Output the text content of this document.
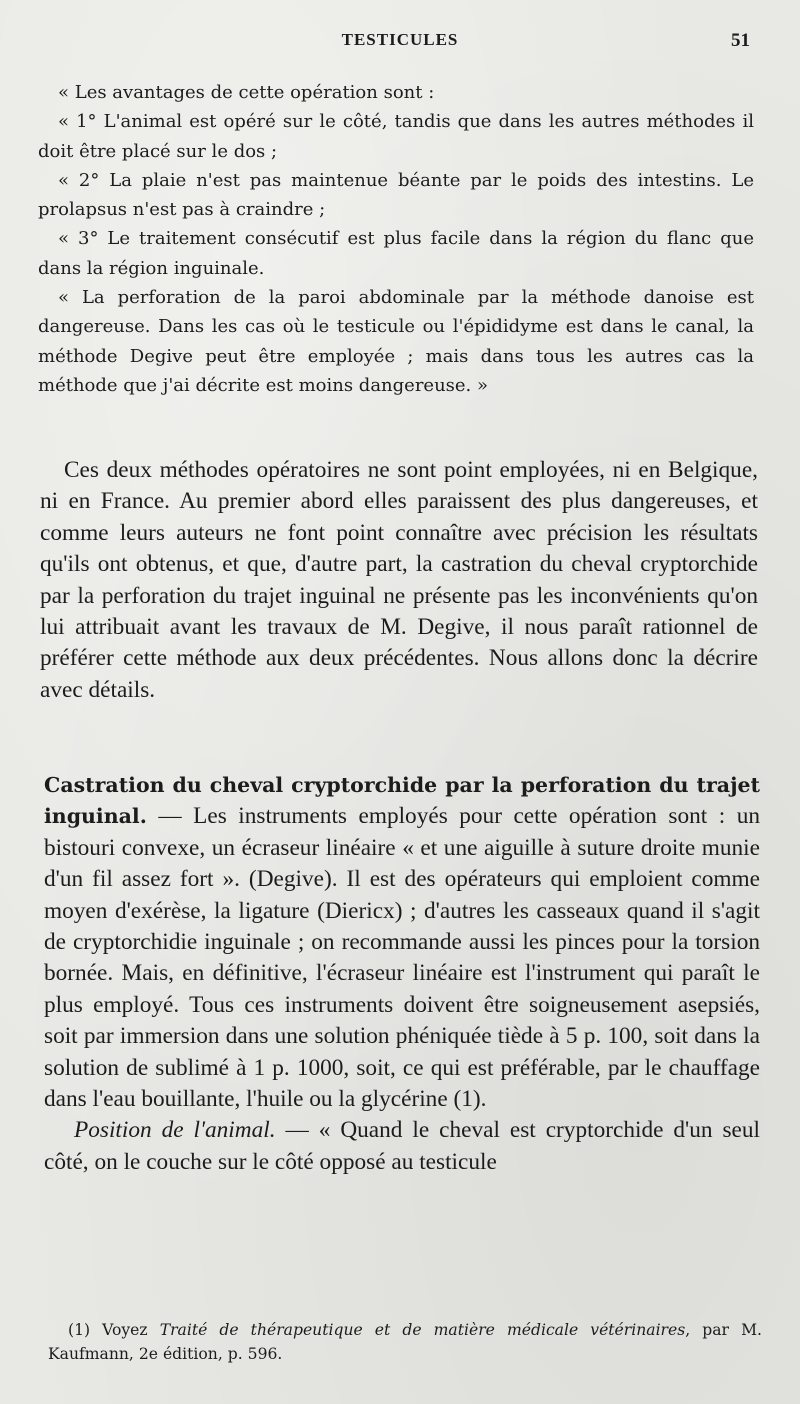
TESTICULES	51

« Les avantages de cette opération sont :

« 1° L'animal est opéré sur le côté, tandis que dans les autres méthodes il doit être placé sur le dos ;

« 2° La plaie n'est pas maintenue béante par le poids des intestins. Le prolapsus n'est pas à craindre ;

« 3° Le traitement consécutif est plus facile dans la région du flanc que dans la région inguinale.

« La perforation de la paroi abdominale par la méthode danoise est dangereuse. Dans les cas où le testicule ou l'épididyme est dans le canal, la méthode Degive peut être employée ; mais dans tous les autres cas la méthode que j'ai décrite est moins dangereuse. »

Ces deux méthodes opératoires ne sont point employées, ni en Belgique, ni en France. Au premier abord elles paraissent des plus dangereuses, et comme leurs auteurs ne font point connaître avec précision les résultats qu'ils ont obtenus, et que, d'autre part, la castration du cheval cryptorchide par la perforation du trajet inguinal ne présente pas les inconvénients qu'on lui attribuait avant les travaux de M. Degive, il nous paraît rationnel de préférer cette méthode aux deux précédentes. Nous allons donc la décrire avec détails.

Castration du cheval cryptorchide par la perforation du trajet inguinal. — Les instruments employés pour cette opération sont : un bistouri convexe, un écraseur linéaire « et une aiguille à suture droite munie d'un fil assez fort ». (Degive). Il est des opérateurs qui emploient comme moyen d'exérèse, la ligature (Diericx) ; d'autres les casseaux quand il s'agit de cryptorchidie inguinale ; on recommande aussi les pinces pour la torsion bornée. Mais, en définitive, l'écraseur linéaire est l'instrument qui paraît le plus employé. Tous ces instruments doivent être soigneusement asepsiés, soit par immersion dans une solution phéniquée tiède à 5 p. 100, soit dans la solution de sublimé à 1 p. 1000, soit, ce qui est préférable, par le chauffage dans l'eau bouillante, l'huile ou la glycérine (1).

Position de l'animal. — « Quand le cheval est cryptorchide d'un seul côté, on le couche sur le côté opposé au testicule

(1) Voyez Traité de thérapeutique et de matière médicale vétérinaires, par M. Kaufmann, 2e édition, p. 596.
